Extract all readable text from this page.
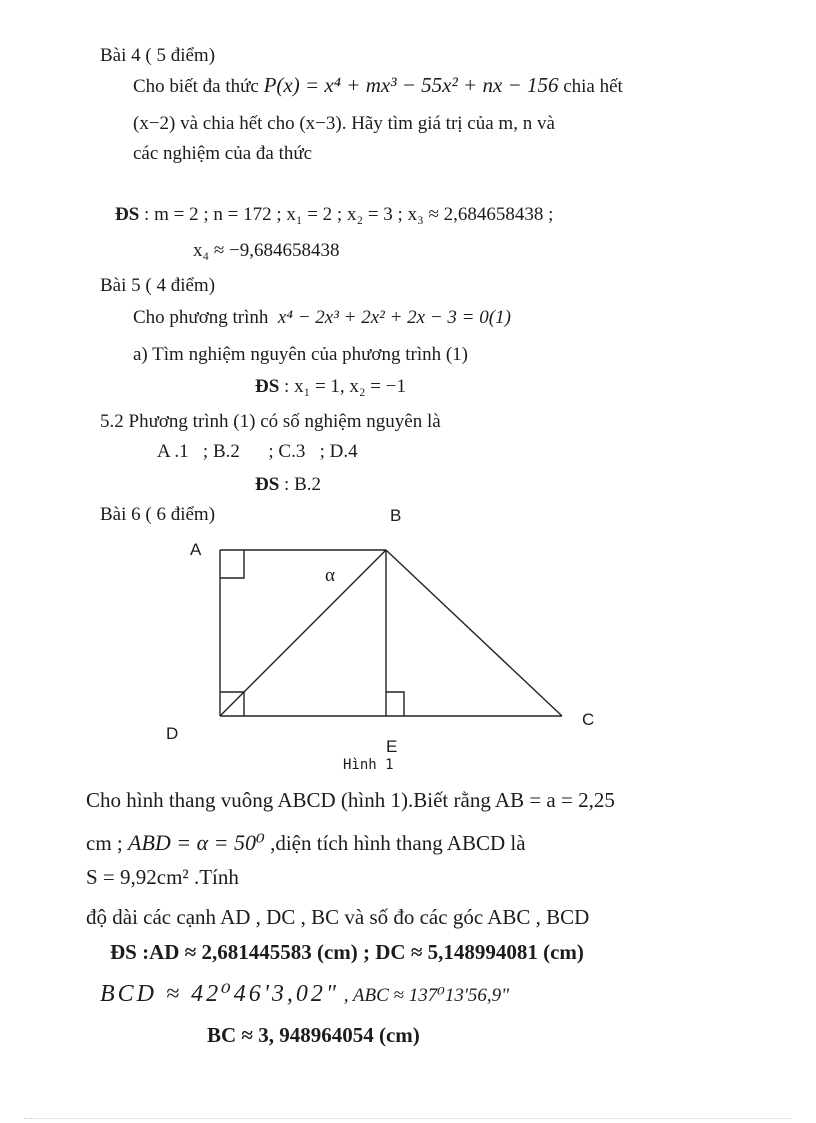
Bài 4 ( 5 điểm)
Cho biết đa thức P(x) = x⁴ + mx³ − 55x² + nx − 156 chia hết
(x−2) và chia hết cho (x−3). Hãy tìm giá trị của m, n và
các nghiệm của đa thức
ĐS : m = 2 ; n = 172 ; x₁ = 2 ; x₂ = 3 ; x₃ ≈ 2,684658438 ;
x₄ ≈ −9,684658438
Bài 5 ( 4 điểm)
Cho phương trình x⁴ − 2x³ + 2x² + 2x − 3 = 0(1)
a) Tìm nghiệm nguyên của phương trình (1)
ĐS : x₁ = 1, x₂ = −1
5.2 Phương trình (1) có số nghiệm nguyên là
A .1   ; B.2      ; C.3   ; D.4
ĐS : B.2
Bài 6 ( 6 điểm)
A
B
C
D
E
α
Hình 1
Cho hình thang vuông ABCD (hình 1).Biết rằng AB = a = 2,25
cm ; ABD = α = 50⁰ ,diện tích hình thang ABCD là
S = 9,92cm² .Tính
độ dài các cạnh AD , DC , BC và số đo các góc ABC , BCD
ĐS :AD ≈ 2,681445583 (cm) ; DC ≈ 5,148994081 (cm)
BCD ≈ 42⁰46'3,02" , ABC ≈ 137⁰13'56,9"
BC ≈ 3, 948964054 (cm)
